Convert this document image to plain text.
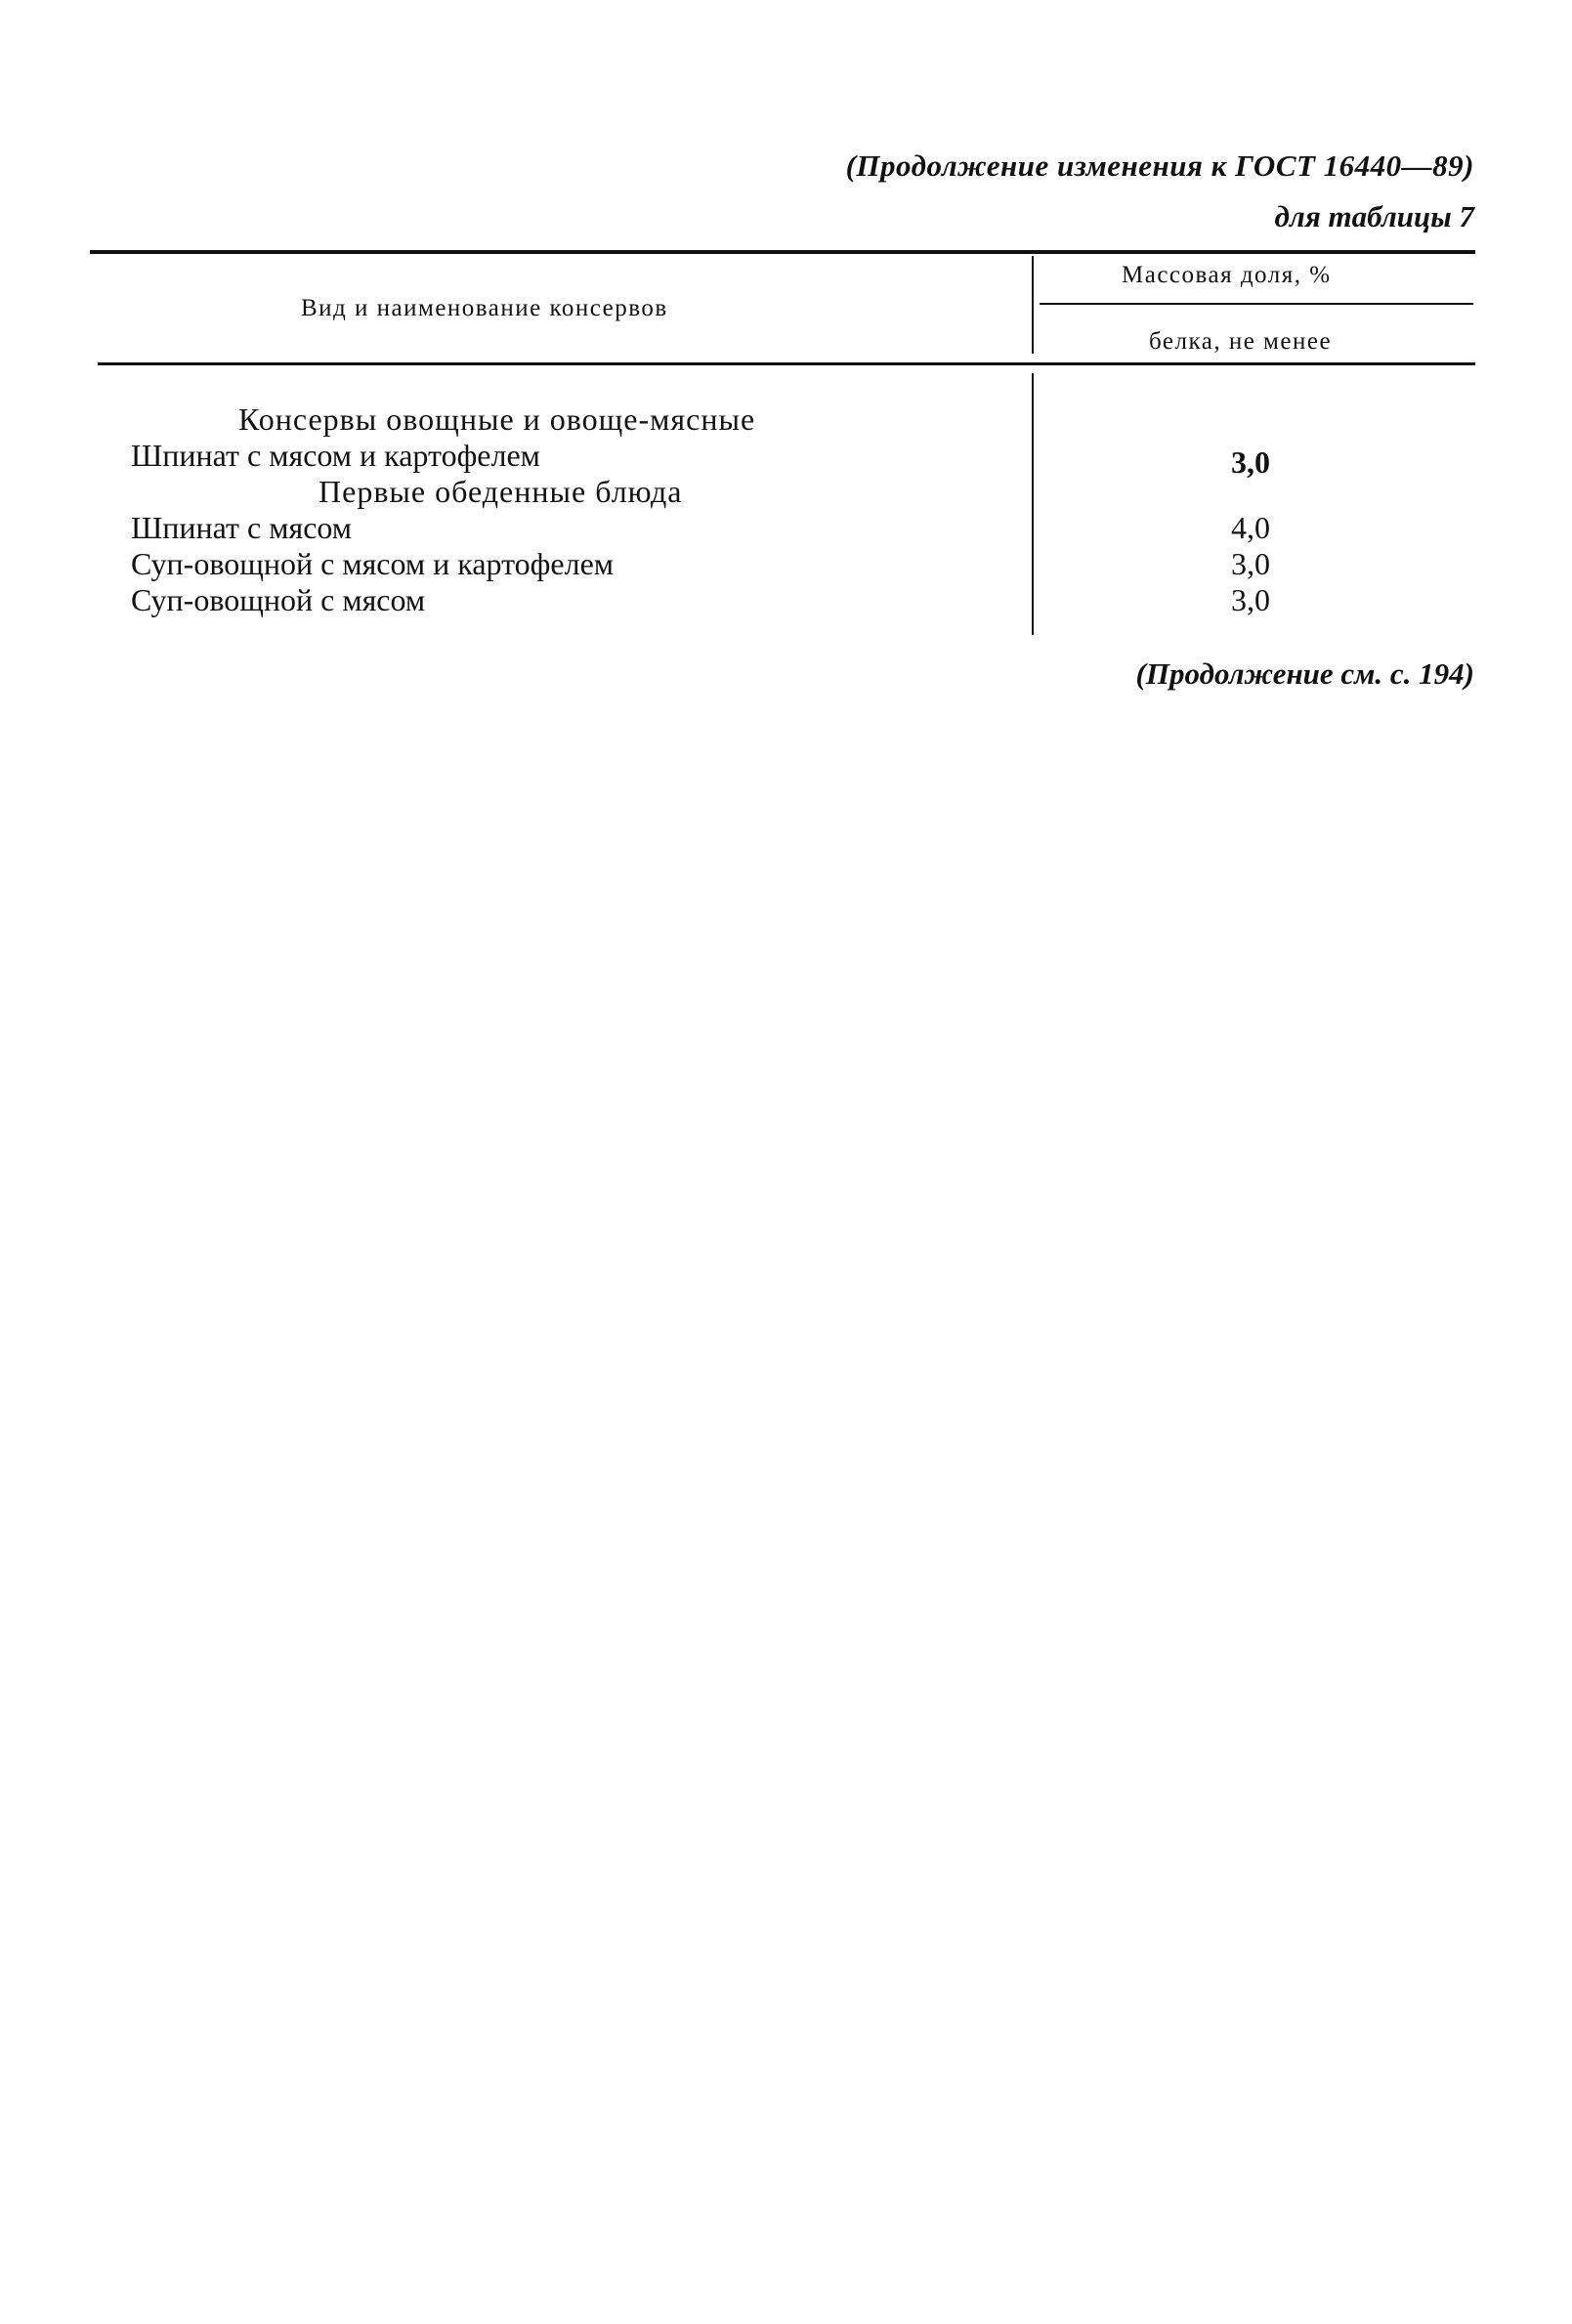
(Продолжение изменения к ГОСТ 16440—89)
для таблицы 7
Вид и наименование консервов
Массовая доля, %
белка, не менее
Консервы овощные и овоще-мясные
Шпинат с мясом и картофелем	3,0
Первые обеденные блюда
Шпинат с мясом	4,0
Суп-овощной с мясом и картофелем	3,0
Суп-овощной с мясом	3,0
(Продолжение см. с. 194)
